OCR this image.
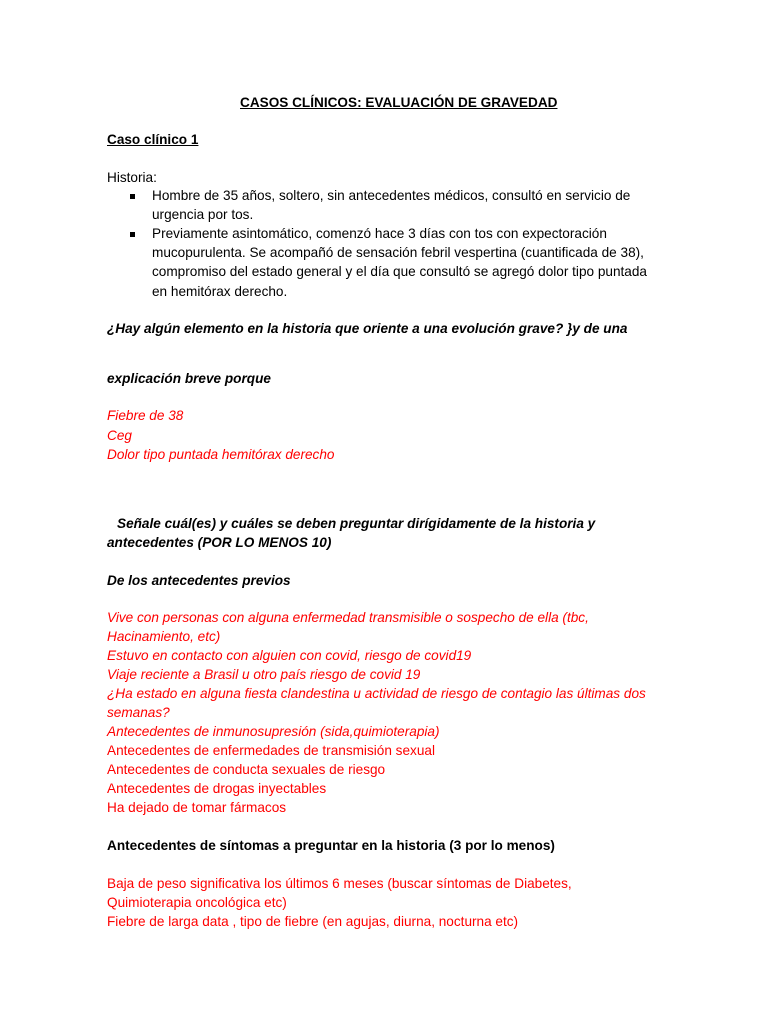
CASOS CLÍNICOS: EVALUACIÓN DE GRAVEDAD
Caso clínico 1
Historia:
Hombre de 35 años, soltero, sin antecedentes médicos, consultó en servicio de
urgencia por tos.
Previamente asintomático, comenzó hace 3 días con tos con expectoración
mucopurulenta. Se acompañó de sensación febril vespertina (cuantificada de 38),
compromiso del estado general y el día que consultó se agregó dolor tipo puntada
en hemitórax derecho.
¿Hay algún elemento en la historia que oriente a una evolución grave? }y de una
explicación breve porque
Fiebre de 38
Ceg
Dolor tipo puntada hemitórax derecho
Señale cuál(es) y cuáles se deben preguntar dirígidamente de la historia y
antecedentes (POR LO MENOS 10)
De los antecedentes previos
Vive con personas con alguna enfermedad transmisible o sospecho de ella (tbc,
Hacinamiento, etc)
Estuvo en contacto con alguien con covid, riesgo de covid19
Viaje reciente a Brasil u otro país riesgo de covid 19
¿Ha estado en alguna fiesta clandestina u actividad de riesgo de contagio las últimas dos
semanas?
Antecedentes de inmunosupresión (sida,quimioterapia)
Antecedentes de enfermedades de transmisión sexual
Antecedentes de conducta sexuales de riesgo
Antecedentes de drogas inyectables
Ha dejado de tomar fármacos
Antecedentes de síntomas a preguntar en la historia (3 por lo menos)
Baja de peso significativa los últimos 6 meses (buscar síntomas de Diabetes,
Quimioterapia oncológica etc)
Fiebre de larga data , tipo de fiebre (en agujas, diurna, nocturna etc)
